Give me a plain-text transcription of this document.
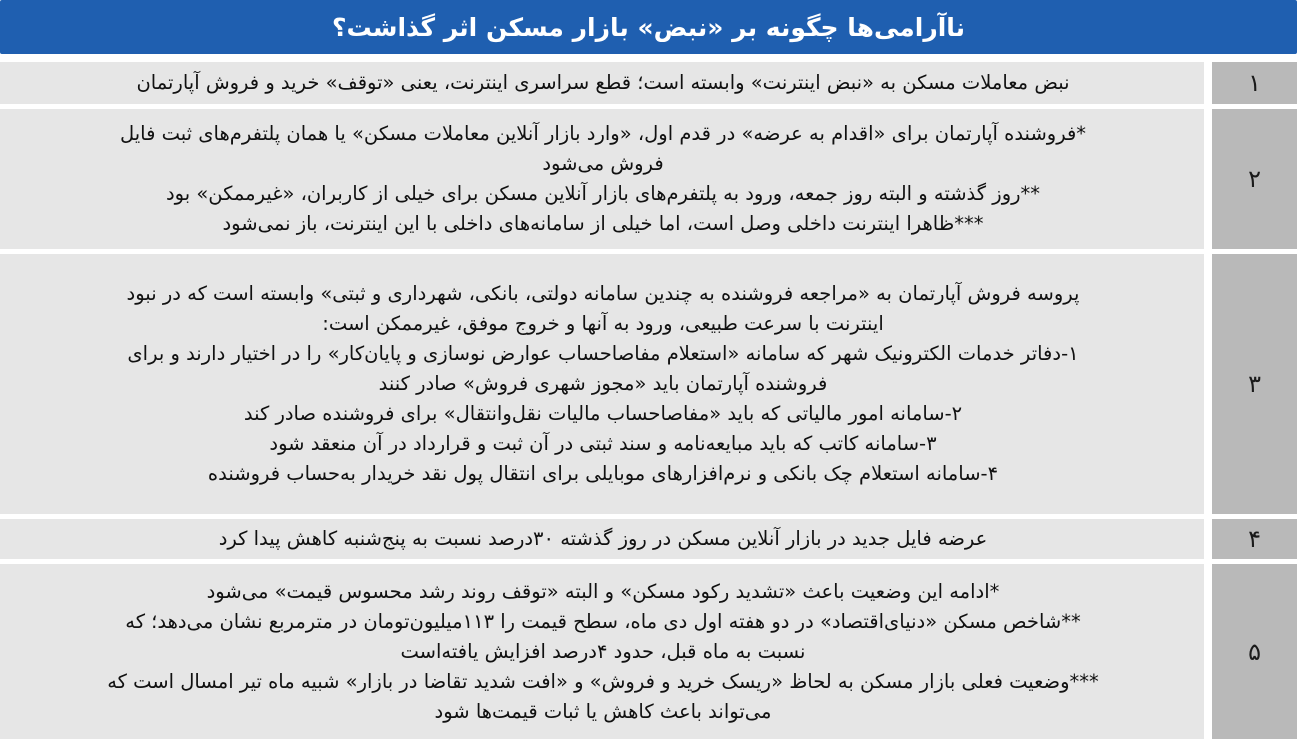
ناآرامی‌ها چگونه بر «نبض» بازار مسکن اثر گذاشت؟
۱
نبض معاملات مسکن به «نبض اینترنت» وابسته است؛ قطع سراسری اینترنت، یعنی «توقف» خرید و فروش آپارتمان
۲
*فروشنده آپارتمان برای «اقدام به عرضه» در قدم اول، «وارد بازار آنلاین معاملات مسکن» یا همان پلتفرم‌های ثبت فایل
فروش می‌شود
**روز گذشته و البته روز جمعه، ورود به پلتفرم‌های بازار آنلاین مسکن برای خیلی از کاربران، «غیرممکن» بود
***ظاهرا اینترنت داخلی وصل است، اما خیلی از سامانه‌های داخلی با این اینترنت، باز نمی‌شود
۳
پروسه فروش آپارتمان به «مراجعه فروشنده به چندین سامانه دولتی، بانکی، شهرداری و ثبتی» وابسته است که در نبود
اینترنت با سرعت طبیعی، ورود به آنها و خروج موفق، غیرممکن است:
۱-دفاتر خدمات الکترونیک شهر که سامانه «استعلام مفاصاحساب عوارض نوسازی و پایان‌کار» را در اختیار دارند و برای
فروشنده آپارتمان باید «مجوز شهری فروش» صادر کنند
۲-سامانه امور مالیاتی که باید «مفاصاحساب مالیات نقل‌وانتقال» برای فروشنده صادر کند
۳-سامانه کاتب که باید مبایعه‌نامه و سند ثبتی در آن ثبت و قرارداد در آن منعقد شود
۴-سامانه استعلام چک بانکی و نرم‌افزارهای موبایلی برای انتقال پول نقد خریدار به‌حساب فروشنده
۴
عرضه فایل جدید در بازار آنلاین مسکن در روز گذشته ۳۰درصد نسبت به پنج‌شنبه کاهش پیدا کرد
۵
*ادامه این وضعیت باعث «تشدید رکود مسکن» و البته «توقف روند رشد محسوس قیمت» می‌شود
**شاخص مسکن «دنیای‌اقتصاد» در دو هفته اول دی ماه، سطح قیمت را ۱۱۳میلیون‌تومان در مترمربع نشان می‌دهد؛ که
نسبت به ماه قبل، حدود ۴درصد افزایش یافته‌است
***وضعیت فعلی بازار مسکن به لحاظ «ریسک خرید و فروش» و «افت شدید تقاضا در بازار» شبیه ماه تیر امسال است که
می‌تواند باعث کاهش یا ثبات قیمت‌ها شود
